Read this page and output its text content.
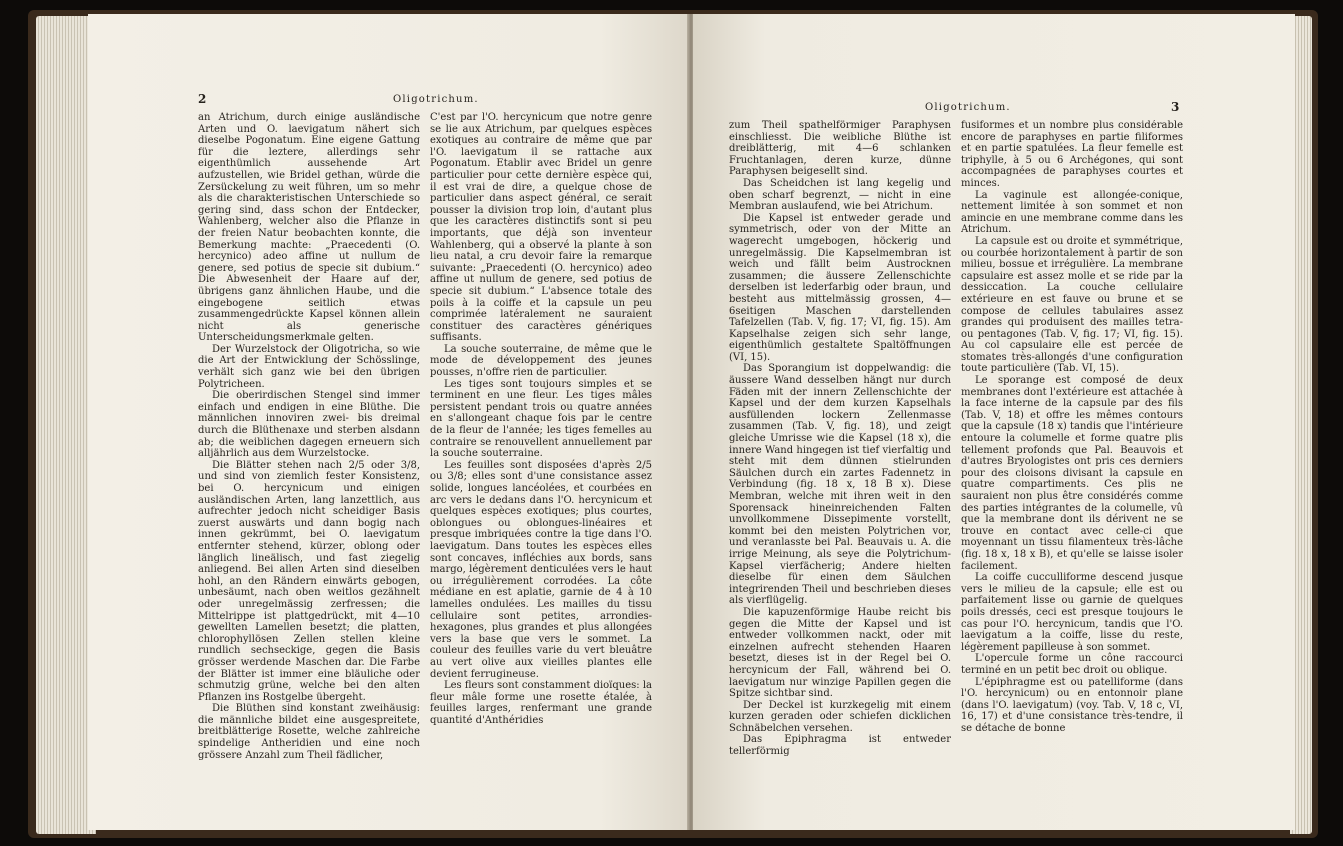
2	Oligotrichum.

an Atrichum, durch einige ausländische Arten und O. laevigatum nähert sich dieselbe Pogonatum. Eine eigene Gattung für die leztere, allerdings sehr eigenthümlich aussehende Art aufzustellen, wie Bridel gethan, würde die Zersückelung zu weit führen, um so mehr als die charakteristischen Unterschiede so gering sind, dass schon der Entdecker, Wahlenberg, welcher also die Pflanze in der freien Natur beobachten konnte, die Bemerkung machte: „Praecedenti (O. hercynico) adeo affine ut nullum de genere, sed potius de specie sit dubium.“ Die Abwesenheit der Haare auf der, übrigens ganz ähnlichen Haube, und die eingebogene seitlich etwas zusammengedrückte Kapsel können allein nicht als generische Unterscheidungsmerkmale gelten.

Der Wurzelstock der Oligotricha, so wie die Art der Entwicklung der Schösslinge, verhält sich ganz wie bei den übrigen Polytricheen.

Die oberirdischen Stengel sind immer einfach und endigen in eine Blüthe. Die männlichen innoviren zwei- bis dreimal durch die Blüthenaxe und sterben alsdann ab; die weiblichen dagegen erneuern sich alljährlich aus dem Wurzelstocke.

Die Blätter stehen nach 2/5 oder 3/8, und sind von ziemlich fester Konsistenz, bei O. hercynicum und einigen ausländischen Arten, lang lanzettlich, aus aufrechter jedoch nicht scheidiger Basis zuerst auswärts und dann bogig nach innen gekrümmt, bei O. laevigatum entfernter stehend, kürzer, oblong oder länglich lineälisch, und fast ziegelig anliegend. Bei allen Arten sind dieselben hohl, an den Rändern einwärts gebogen, unbesäumt, nach oben weitlos gezähnelt oder unregelmässig zerfressen; die Mittelrippe ist plattgedrückt, mit 4—10 gewellten Lamellen besetzt; die platten, chlorophyllösen Zellen stellen kleine rundlich sechseckige, gegen die Basis grösser werdende Maschen dar. Die Farbe der Blätter ist immer eine bläuliche oder schmutzig grüne, welche bei den alten Pflanzen ins Rostgelbe übergeht.

Die Blüthen sind konstant zweihäusig: die männliche bildet eine ausgespreitete, breitblätterige Rosette, welche zahlreiche spindelige Antheridien und eine noch grössere Anzahl zum Theil fädlicher,

C'est par l'O. hercynicum que notre genre se lie aux Atrichum, par quelques espèces exotiques au contraire de même que par l'O. laevigatum il se rattache aux Pogonatum. Etablir avec Bridel un genre particulier pour cette dernière espèce qui, il est vrai de dire, a quelque chose de particulier dans aspect général, ce serait pousser la division trop loin, d'autant plus que les caractères distinctifs sont si peu importants, que déjà son inventeur Wahlenberg, qui a observé la plante à son lieu natal, a cru devoir faire la remarque suivante: „Praecedenti (O. hercynico) adeo affine ut nullum de genere, sed potius de specie sit dubium.“ L'absence totale des poils à la coiffe et la capsule un peu comprimée latéralement ne sauraient constituer des caractères génériques suffisants.

La souche souterraine, de même que le mode de développement des jeunes pousses, n'offre rien de particulier.

Les tiges sont toujours simples et se terminent en une fleur. Les tiges mâles persistent pendant trois ou quatre années en s'allongeant chaque fois par le centre de la fleur de l'année; les tiges femelles au contraire se renouvellent annuellement par la souche souterraine.

Les feuilles sont disposées d'après 2/5 ou 3/8; elles sont d'une consistance assez solide, longues lancéolées, et courbées en arc vers le dedans dans l'O. hercynicum et quelques espèces exotiques; plus courtes, oblongues ou oblongues-linéaires et presque imbriquées contre la tige dans l'O. laevigatum. Dans toutes les espèces elles sont concaves, infléchies aux bords, sans margo, légèrement denticulées vers le haut ou irrégulièrement corrodées. La côte médiane en est aplatie, garnie de 4 à 10 lamelles ondulées. Les mailles du tissu cellulaire sont petites, arrondies-hexagones, plus grandes et plus allongées vers la base que vers le sommet. La couleur des feuilles varie du vert bleuâtre au vert olive aux vieilles plantes elle devient ferrugineuse.

Les fleurs sont constamment dioïques: la fleur mâle forme une rosette étalée, à feuilles larges, renfermant une grande quantité d'Anthéridies

Oligotrichum.	3

zum Theil spathelförmiger Paraphysen einschliesst. Die weibliche Blüthe ist dreiblätterig, mit 4—6 schlanken Fruchtanlagen, deren kurze, dünne Paraphysen beigesellt sind.

Das Scheidchen ist lang kegelig und oben scharf begrenzt, — nicht in eine Membran auslaufend, wie bei Atrichum.

Die Kapsel ist entweder gerade und symmetrisch, oder von der Mitte an wagerecht umgebogen, höckerig und unregelmässig. Die Kapselmembran ist weich und fällt beim Austrocknen zusammen; die äussere Zellenschichte derselben ist lederfarbig oder braun, und besteht aus mittelmässig grossen, 4—6seitigen Maschen darstellenden Tafelzellen (Tab. V, fig. 17; VI, fig. 15). Am Kapselhalse zeigen sich sehr lange, eigenthümlich gestaltete Spaltöffnungen (VI, 15).

Das Sporangium ist doppelwandig: die äussere Wand desselben hängt nur durch Fäden mit der innern Zellenschichte der Kapsel und der dem kurzen Kapselhals ausfüllenden lockern Zellenmasse zusammen (Tab. V, fig. 18), und zeigt gleiche Umrisse wie die Kapsel (18 x), die innere Wand hingegen ist tief vierfaltig und steht mit dem dünnen stielrunden Säulchen durch ein zartes Fadennetz in Verbindung (fig. 18 x, 18 B x). Diese Membran, welche mit ihren weit in den Sporensack hineinreichenden Falten unvollkommene Dissepimente vorstellt, kommt bei den meisten Polytrichen vor, und veranlasste bei Pal. Beauvais u. A. die irrige Meinung, als seye die Polytrichum-Kapsel vierfächerig; Andere hielten dieselbe für einen dem Säulchen integrirenden Theil und beschrieben dieses als vierflügelig.

Die kapuzenförmige Haube reicht bis gegen die Mitte der Kapsel und ist entweder vollkommen nackt, oder mit einzelnen aufrecht stehenden Haaren besetzt, dieses ist in der Regel bei O. hercynicum der Fall, während bei O. laevigatum nur winzige Papillen gegen die Spitze sichtbar sind.

Der Deckel ist kurzkegelig mit einem kurzen geraden oder schiefen dicklichen Schnäbelchen versehen.

Das Epiphragma ist entweder tellerförmig

fusiformes et un nombre plus considérable encore de paraphyses en partie filiformes et en partie spatulées. La fleur femelle est triphylle, à 5 ou 6 Archégones, qui sont accompagnées de paraphyses courtes et minces.

La vaginule est allongée-conique, nettement limitée à son sommet et non amincie en une membrane comme dans les Atrichum.

La capsule est ou droite et symmétrique, ou courbée horizontalement à partir de son milieu, bossue et irrégulière. La membrane capsulaire est assez molle et se ride par la dessiccation. La couche cellulaire extérieure en est fauve ou brune et se compose de cellules tabulaires assez grandes qui produisent des mailles tetra- ou pentagones (Tab. V, fig. 17; VI, fig. 15). Au col capsulaire elle est percée de stomates très-allongés d'une configuration toute particulière (Tab. VI, 15).

Le sporange est composé de deux membranes dont l'extérieure est attachée à la face interne de la capsule par des fils (Tab. V, 18) et offre les mêmes contours que la capsule (18 x) tandis que l'intérieure entoure la columelle et forme quatre plis tellement profonds que Pal. Beauvois et d'autres Bryologistes ont pris ces derniers pour des cloisons divisant la capsule en quatre compartiments. Ces plis ne sauraient non plus être considérés comme des parties intégrantes de la columelle, vû que la membrane dont ils dérivent ne se trouve en contact avec celle-ci que moyennant un tissu filamenteux très-lâche (fig. 18 x, 18 x B), et qu'elle se laisse isoler facilement.

La coiffe cucculliforme descend jusque vers le milieu de la capsule; elle est ou parfaitement lisse ou garnie de quelques poils dressés, ceci est presque toujours le cas pour l'O. hercynicum, tandis que l'O. laevigatum a la coiffe, lisse du reste, légèrement papilleuse à son sommet.

L'opercule forme un cône raccourci terminé en un petit bec droit ou oblique.

L'épiphragme est ou patelliforme (dans l'O. hercynicum) ou en entonnoir plane (dans l'O. laevigatum) (voy. Tab. V, 18 c, VI, 16, 17) et d'une consistance très-tendre, il se détache de bonne
